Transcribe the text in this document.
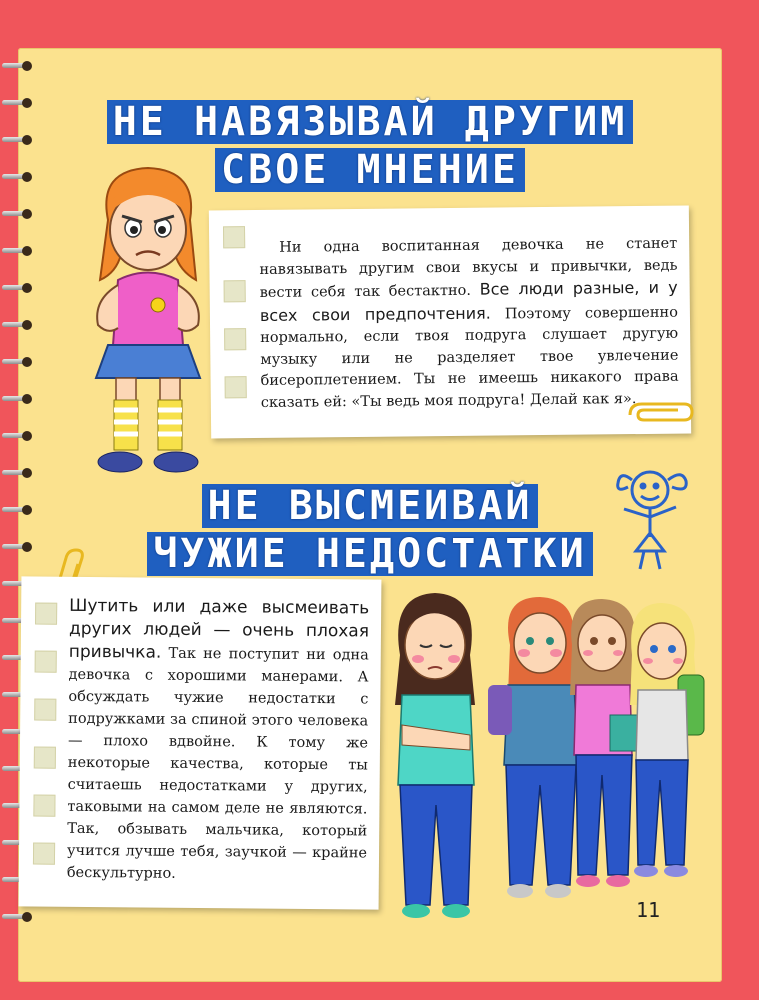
НЕ НАВЯЗЫВАЙ ДРУГИМ
СВОЕ МНЕНИЕ
Ни одна воспитанная девочка не станет навязывать другим свои вкусы и привычки, ведь вести себя так бестактно. Все люди разные, и у всех свои предпочтения. Поэтому совершенно нормально, если твоя подруга слушает другую музыку или не разделяет твое увлечение бисероплетением. Ты не имеешь никакого права сказать ей: «Ты ведь моя подруга! Делай как я».
НЕ ВЫСМЕИВАЙ
ЧУЖИЕ НЕДОСТАТКИ
Шутить или даже высмеивать других людей — очень плохая привычка. Так не поступит ни одна девочка с хорошими манерами. А обсуждать чужие недостатки с подружками за спиной этого человека — плохо вдвойне. К тому же некоторые качества, которые ты считаешь недостатками у других, таковыми на самом деле не являются. Так, обзывать мальчика, который учится лучше тебя, заучкой — крайне бескультурно.
11
